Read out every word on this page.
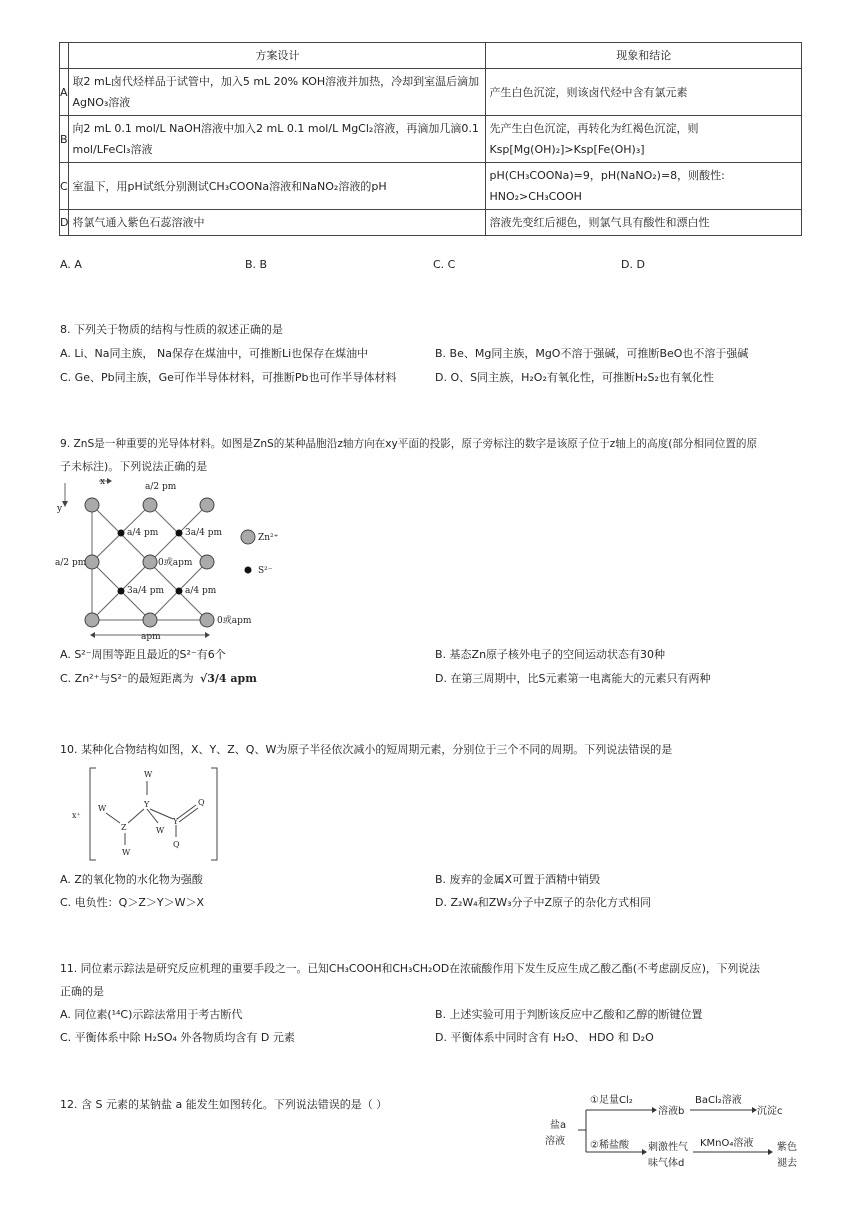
	方案设计	现象和结论
A	取2 mL卤代烃样品于试管中，加入5 mL 20% KOH溶液并加热，冷却到室温后滴加AgNO₃溶液	产生白色沉淀，则该卤代烃中含有氯元素
B	向2 mL 0.1 mol/L NaOH溶液中加入2 mL 0.1 mol/L MgCl₂溶液，再滴加几滴0.1 mol/LFeCl₃溶液	先产生白色沉淀，再转化为红褐色沉淀，则Ksp[Mg(OH)₂]>Ksp[Fe(OH)₃]
C	室温下，用pH试纸分别测试CH₃COONa溶液和NaNO₂溶液的pH	pH(CH₃COONa)=9，pH(NaNO₂)=8，则酸性: HNO₂>CH₃COOH
D	将氯气通入紫色石蕊溶液中	溶液先变红后褪色，则氯气具有酸性和漂白性
A. A	B. B	C. C	D. D
8. 下列关于物质的结构与性质的叙述正确的是
A. Li、Na同主族， Na保存在煤油中，可推断Li也保存在煤油中	B. Be、Mg同主族，MgO不溶于强碱，可推断BeO也不溶于强碱
C. Ge、Pb同主族，Ge可作半导体材料，可推断Pb也可作半导体材料	D. O、S同主族，H₂O₂有氧化性，可推断H₂S₂也有氧化性
9. ZnS是一种重要的光导体材料。如图是ZnS的某种晶胞沿z轴方向在xy平面的投影，原子旁标注的数字是该原子位于z轴上的高度(部分相同位置的原
子未标注)。下列说法正确的是
x
y
a/2 pm
a/4 pm	3a/4 pm
0或apm
a/2 pm
3a/4 pm a/4 pm
0或apm
apm
Zn²⁺
S²⁻
A. S²⁻周围等距且最近的S²⁻有6个	B. 基态Zn原子核外电子的空间运动状态有30种
C. Zn²⁺与S²⁻的最短距离为 √3/4 apm	D. 在第三周期中，比S元素第一电离能大的元素只有两种
10. 某种化合物结构如图，X、Y、Z、Q、W为原子半径依次减小的短周期元素，分别位于三个不同的周期。下列说法错误的是
x⁺
W
Y
W
Q
Z	W
Y
W
Q
A. Z的氧化物的水化物为强酸	B. 废弃的金属X可置于酒精中销毁
C. 电负性：Q＞Z＞Y＞W＞X	D. Z₂W₄和ZW₃分子中Z原子的杂化方式相同
11. 同位素示踪法是研究反应机理的重要手段之一。已知CH₃COOH和CH₃CH₂OD在浓硫酸作用下发生反应生成乙酸乙酯(不考虑副反应)，下列说法
正确的是
A. 同位素(¹⁴C)示踪法常用于考古断代	B. 上述实验可用于判断该反应中乙酸和乙醇的断键位置
C. 平衡体系中除 H₂SO₄ 外各物质均含有 D 元素	D. 平衡体系中同时含有 H₂O、 HDO 和 D₂O
12. 含 S 元素的某钠盐 a 能发生如图转化。下列说法错误的是（ ）
盐a
溶液
①足量Cl₂
溶液b
BaCl₂溶液
沉淀c
②稀盐酸 刺激性气
味气体d
KMnO₄溶液 紫色
褪去
